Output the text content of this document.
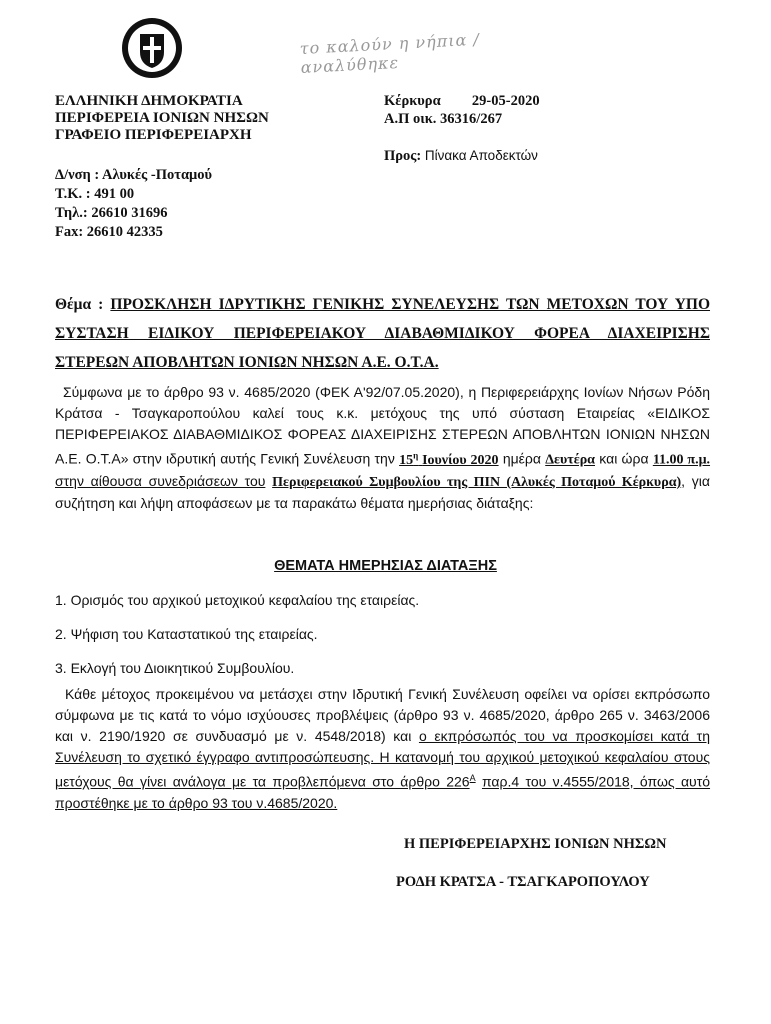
το καλούν η νήπια / αναλύθηκε
ΕΛΛΗΝΙΚΗ ΔΗΜΟΚΡΑΤΙΑ
ΠΕΡΙΦΕΡΕΙΑ ΙΟΝΙΩΝ ΝΗΣΩΝ
ΓΡΑΦΕΙΟ ΠΕΡΙΦΕΡΕΙΑΡΧΗ
Δ/νση : Αλυκές -Ποταμού
Τ.Κ. : 491 00
Τηλ.: 26610 31696
Fax: 26610 42335
Κέρκυρα 29-05-2020
Α.Π οικ. 36316/267
Προς: Πίνακα Αποδεκτών
Θέμα : ΠΡΟΣΚΛΗΣΗ ΙΔΡΥΤΙΚΗΣ ΓΕΝΙΚΗΣ ΣΥΝΕΛΕΥΣΗΣ ΤΩΝ ΜΕΤΟΧΩΝ ΤΟΥ ΥΠΟ ΣΥΣΤΑΣΗ ΕΙΔΙΚΟΥ ΠΕΡΙΦΕΡΕΙΑΚΟΥ ΔΙΑΒΑΘΜΙΔΙΚΟΥ ΦΟΡΕΑ ΔΙΑΧΕΙΡΙΣΗΣ ΣΤΕΡΕΩΝ ΑΠΟΒΛΗΤΩΝ ΙΟΝΙΩΝ ΝΗΣΩΝ Α.Ε. Ο.Τ.Α.
Σύμφωνα με το άρθρο 93 ν. 4685/2020 (ΦΕΚ Α'92/07.05.2020), η Περιφερειάρχης Ιονίων Νήσων Ρόδη Κράτσα - Τσαγκαροπούλου καλεί τους κ.κ. μετόχους της υπό σύσταση Εταιρείας «ΕΙΔΙΚΟΣ ΠΕΡΙΦΕΡΕΙΑΚΟΣ ΔΙΑΒΑΘΜΙΔΙΚΟΣ ΦΟΡΕΑΣ ΔΙΑΧΕΙΡΙΣΗΣ ΣΤΕΡΕΩΝ ΑΠΟΒΛΗΤΩΝ ΙΟΝΙΩΝ ΝΗΣΩΝ Α.Ε. Ο.Τ.Α» στην ιδρυτική αυτής Γενική Συνέλευση την $15^\eta$ Ιουνίου 2020 ημέρα Δευτέρα και ώρα 11.00 π.μ. στην αίθουσα συνεδριάσεων του Περιφερειακού Συμβουλίου της ΠΙΝ (Αλυκές Ποταμού Κέρκυρα), για συζήτηση και λήψη αποφάσεων με τα παρακάτω θέματα ημερήσιας διάταξης:
ΘΕΜΑΤΑ ΗΜΕΡΗΣΙΑΣ ΔΙΑΤΑΞΗΣ
1. Ορισμός του αρχικού μετοχικού κεφαλαίου της εταιρείας.
2. Ψήφιση του Καταστατικού της εταιρείας.
3. Εκλογή του Διοικητικού Συμβουλίου.
Κάθε μέτοχος προκειμένου να μετάσχει στην Ιδρυτική Γενική Συνέλευση οφείλει να ορίσει εκπρόσωπο σύμφωνα με τις κατά το νόμο ισχύουσες προβλέψεις (άρθρο 93 ν. 4685/2020, άρθρο 265 ν. 3463/2006 και ν. 2190/1920 σε συνδυασμό με ν. 4548/2018) και ο εκπρόσωπός του να προσκομίσει κατά τη Συνέλευση το σχετικό έγγραφο αντιπροσώπευσης. Η κατανομή του αρχικού μετοχικού κεφαλαίου στους μετόχους θα γίνει ανάλογα με τα προβλεπόμενα στο άρθρο $226^A$ παρ.4 του ν.4555/2018, όπως αυτό προστέθηκε με το άρθρο 93 του ν.4685/2020.
Η ΠΕΡΙΦΕΡΕΙΑΡΧΗΣ ΙΟΝΙΩΝ ΝΗΣΩΝ
ΡΟΔΗ ΚΡΑΤΣΑ - ΤΣΑΓΚΑΡΟΠΟΥΛΟΥ
